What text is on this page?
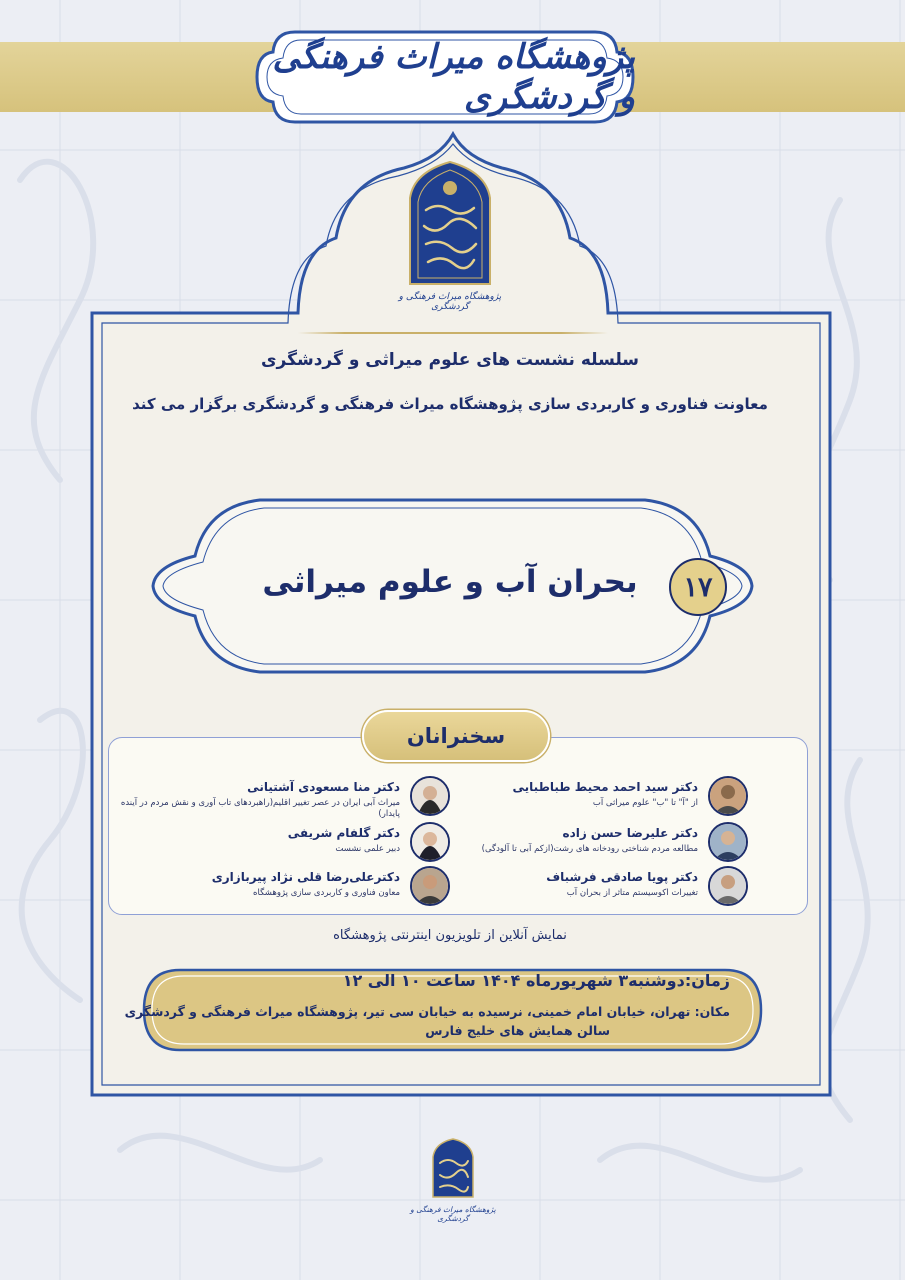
پژوهشگاه میراث فرهنگی و گردشگری
پژوهشگاه میراث فرهنگی و گردشگری
سلسله نشست های علوم میراثی و گردشگری
معاونت فناوری و کاربردی سازی پژوهشگاه میراث فرهنگی و گردشگری برگزار می کند
بحران آب و علوم میراثی	۱۷
سخنرانان
دکتر سید احمد محیط طباطبایی
از "آ" تا "ب" علوم میراثی آب
دکتر علیرضا حسن زاده
مطالعه مردم شناختی رودخانه های رشت(ازکم آبی تا آلودگی)
دکتر پویا صادقی فرشباف
تغییرات اکوسیستم متاثر از بحران آب
دکتر منا مسعودی آشتیانی
میراث آبی ایران در عصر تغییر اقلیم(راهبردهای تاب آوری و نقش مردم در آینده پایدار)
دکتر گلفام شریفی
دبیر علمی نشست
دکترعلی‌رضا قلی نژاد پیربازاری
معاون فناوری و کاربردی سازی پژوهشگاه
نمایش آنلاین از تلویزیون اینترنتی پژوهشگاه
زمان:دوشنبه۳ شهریورماه ۱۴۰۴ ساعت ۱۰ الی ۱۲
مکان: تهران، خیابان امام خمینی، نرسیده به خیابان سی تیر، پژوهشگاه میراث فرهنگی و گردشگری
سالن همایش های خلیج فارس
پژوهشگاه میراث فرهنگی و گردشگری
